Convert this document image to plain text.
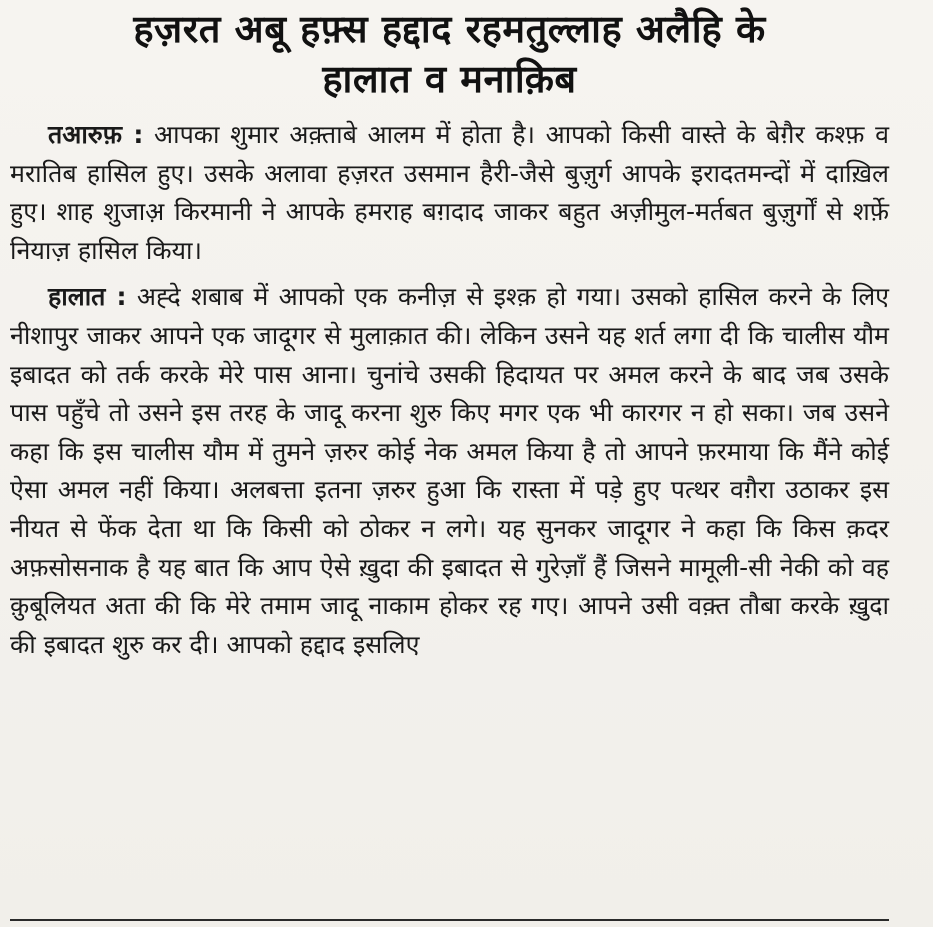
हज़रत अबू हफ़्स हद्दाद रहमतुल्लाह अलैहि के
हालात व मनाक़िब

तआरुफ़ : आपका शुमार अक़्ताबे आलम में होता है। आपको किसी वास्ते के बेग़ैर कश्फ़ व मरातिब हासिल हुए। उसके अलावा हज़रत उसमान हैरी-जैसे बुज़ुर्ग आपके इरादतमन्दों में दाख़िल हुए। शाह शुजाअ़ किरमानी ने आपके हमराह बग़दाद जाकर बहुत अज़ीमुल-मर्तबत बुज़ुर्गों से शर्फ़े नियाज़ हासिल किया।

हालात : अह्दे शबाब में आपको एक कनीज़ से इश्क़ हो गया। उसको हासिल करने के लिए नीशापुर जाकर आपने एक जादूगर से मुलाक़ात की। लेकिन उसने यह शर्त लगा दी कि चालीस यौम इबादत को तर्क करके मेरे पास आना। चुनांचे उसकी हिदायत पर अमल करने के बाद जब उसके पास पहुँचे तो उसने इस तरह के जादू करना शुरु किए मगर एक भी कारगर न हो सका। जब उसने कहा कि इस चालीस यौम में तुमने ज़रुर कोई नेक अमल किया है तो आपने फ़रमाया कि मैंने कोई ऐसा अमल नहीं किया। अलबत्ता इतना ज़रुर हुआ कि रास्ता में पड़े हुए पत्थर वग़ैरा उठाकर इस नीयत से फेंक देता था कि किसी को ठोकर न लगे। यह सुनकर जादूगर ने कहा कि किस क़दर अफ़सोसनाक है यह बात कि आप ऐसे ख़ुदा की इबादत से गुरेज़ाँ हैं जिसने मामूली-सी नेकी को वह क़ुबूलियत अता की कि मेरे तमाम जादू नाकाम होकर रह गए। आपने उसी वक़्त तौबा करके ख़ुदा की इबादत शुरु कर दी। आपको हद्दाद इसलिए
